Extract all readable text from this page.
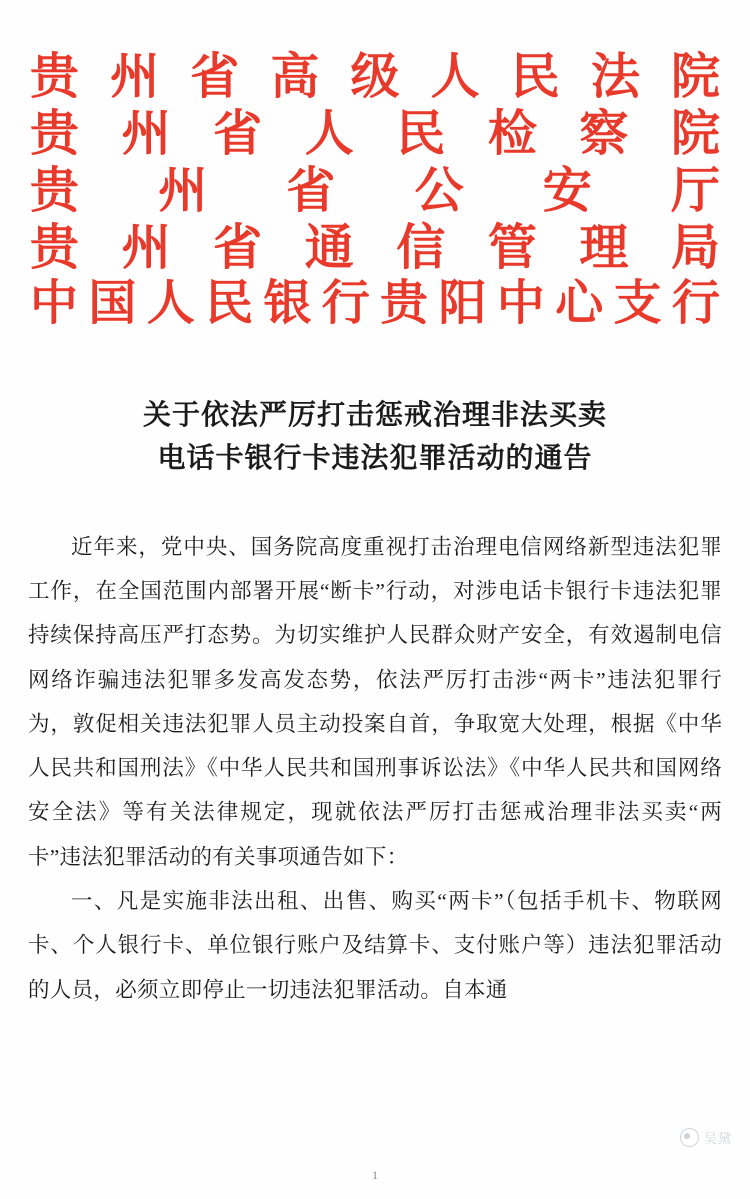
贵州省高级人民法院
贵州省人民检察院
贵州省公安厅
贵州省通信管理局
中国人民银行贵阳中心支行
关于依法严厉打击惩戒治理非法买卖
电话卡银行卡违法犯罪活动的通告

近年来，党中央、国务院高度重视打击治理电信网络新型违法犯罪工作，在全国范围内部署开展“断卡”行动，对涉电话卡银行卡违法犯罪持续保持高压严打态势。为切实维护人民群众财产安全，有效遏制电信网络诈骗违法犯罪多发高发态势，依法严厉打击涉“两卡”违法犯罪行为，敦促相关违法犯罪人员主动投案自首，争取宽大处理，根据《中华人民共和国刑法》《中华人民共和国刑事诉讼法》《中华人民共和国网络安全法》等有关法律规定，现就依法严厉打击惩戒治理非法买卖“两卡”违法犯罪活动的有关事项通告如下：

一、凡是实施非法出租、出售、购买“两卡”（包括手机卡、物联网卡、个人银行卡、单位银行账户及结算卡、支付账户等）违法犯罪活动的人员，必须立即停止一切违法犯罪活动。自本通

吴黛
1
